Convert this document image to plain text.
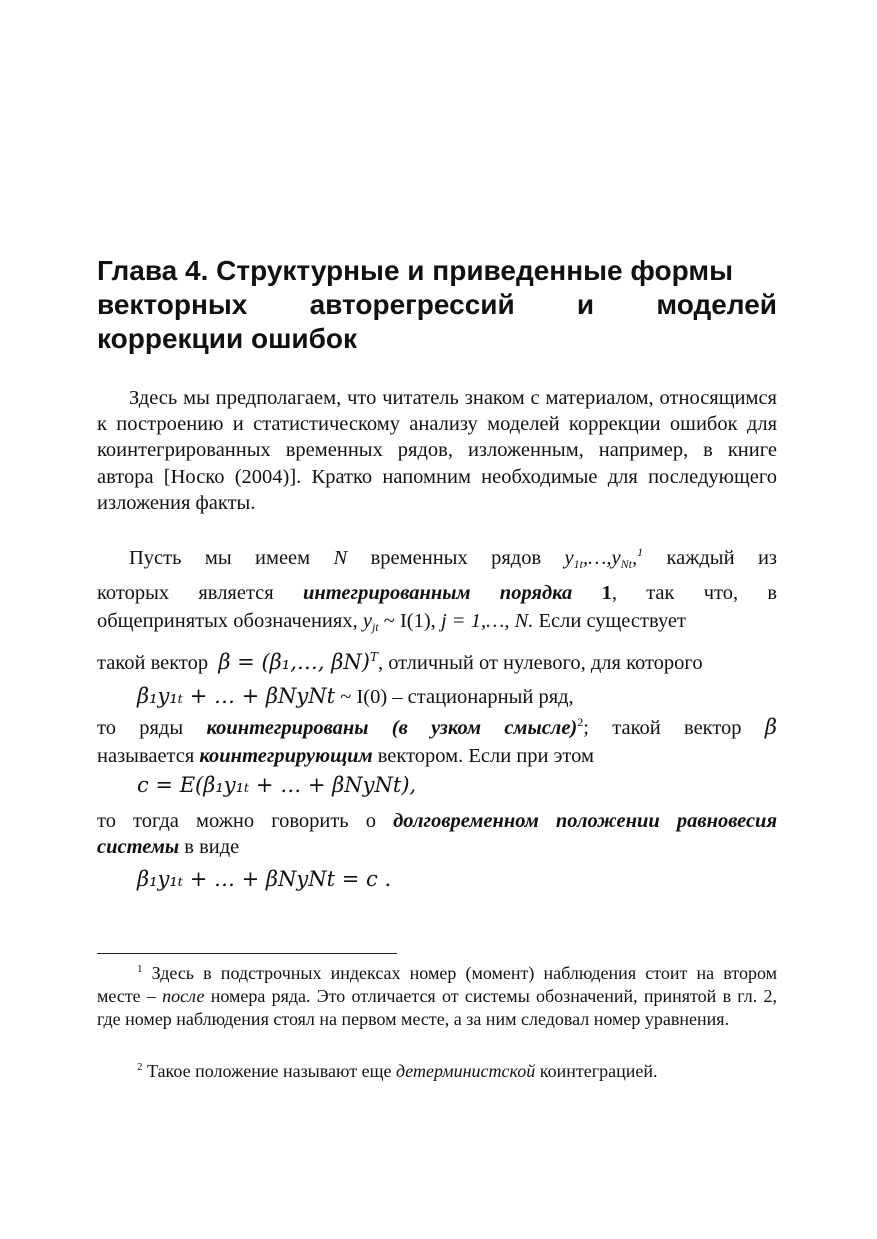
Глава 4. Структурные и приведенные формы
векторных авторегрессий и моделей
коррекции ошибок

Здесь мы предполагаем, что читатель знаком с материалом, относящимся к построению и статистическому анализу моделей коррекции ошибок для коинтегрированных временных рядов, изложенным, например, в книге автора [Носко (2004)]. Кратко напомним необходимые для последующего изложения факты.

Пусть мы имеем N временных рядов $y_{1t},\dots,y_{Nt},^1$ каждый из
которых является интегрированным порядка 1, так что, в
общепринятых обозначениях, $y_{jt}$ ~ I(1), j = 1,…, N. Если существует
такой вектор β = (β₁,…, βN)$^T$, отличный от нулевого, для которого
β₁y₁ₜ + … + βNyNt ~ I(0) – стационарный ряд,
то ряды коинтегрированы (в узком смысле)$^2$; такой вектор β
называется коинтегрирующим вектором. Если при этом
c = E(β₁y₁ₜ + … + βNyNt),
то тогда можно говорить о долговременном положении равновесия
системы в виде
β₁y₁ₜ + … + βNyNt = c .

$^1$ Здесь в подстрочных индексах номер (момент) наблюдения стоит на втором месте – после номера ряда. Это отличается от системы обозначений, принятой в гл. 2, где номер наблюдения стоял на первом месте, а за ним следовал номер уравнения.

$^2$ Такое положение называют еще детерминистской коинтеграцией.
